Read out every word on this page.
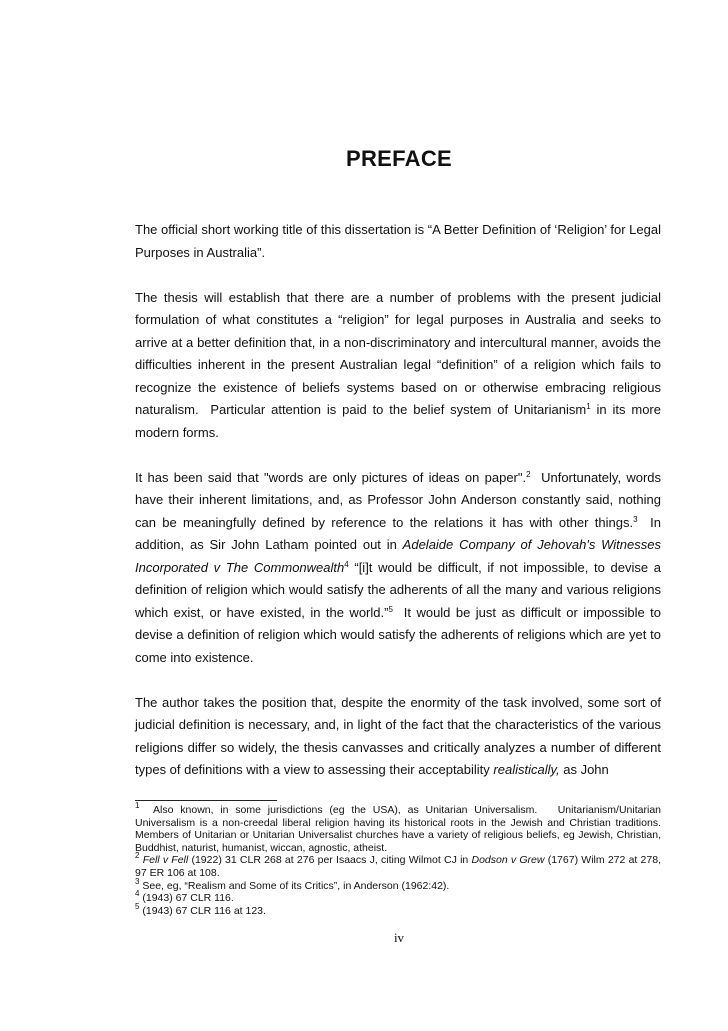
PREFACE

The official short working title of this dissertation is “A Better Definition of ‘Religion’ for Legal Purposes in Australia”.

The thesis will establish that there are a number of problems with the present judicial formulation of what constitutes a “religion” for legal purposes in Australia and seeks to arrive at a better definition that, in a non-discriminatory and intercultural manner, avoids the difficulties inherent in the present Australian legal “definition” of a religion which fails to recognize the existence of beliefs systems based on or otherwise embracing religious naturalism.  Particular attention is paid to the belief system of Unitarianism$^1$ in its more modern forms.

It has been said that "words are only pictures of ideas on paper".$^2$  Unfortunately, words have their inherent limitations, and, as Professor John Anderson constantly said, nothing can be meaningfully defined by reference to the relations it has with other things.$^3$  In addition, as Sir John Latham pointed out in Adelaide Company of Jehovah's Witnesses Incorporated v The Commonwealth$^4$ “[i]t would be difficult, if not impossible, to devise a definition of religion which would satisfy the adherents of all the many and various religions which exist, or have existed, in the world.”$^5$  It would be just as difficult or impossible to devise a definition of religion which would satisfy the adherents of religions which are yet to come into existence.

The author takes the position that, despite the enormity of the task involved, some sort of judicial definition is necessary, and, in light of the fact that the characteristics of the various religions differ so widely, the thesis canvasses and critically analyzes a number of different types of definitions with a view to assessing their acceptability realistically, as John

$^1$  Also known, in some jurisdictions (eg the USA), as Unitarian Universalism.   Unitarianism/Unitarian Universalism is a non-creedal liberal religion having its historical roots in the Jewish and Christian traditions. Members of Unitarian or Unitarian Universalist churches have a variety of religious beliefs, eg Jewish, Christian, Buddhist, naturist, humanist, wiccan, agnostic, atheist.
$^2$ Fell v Fell (1922) 31 CLR 268 at 276 per Isaacs J, citing Wilmot CJ in Dodson v Grew (1767) Wilm 272 at 278, 97 ER 106 at 108.
$^3$ See, eg, “Realism and Some of its Critics”, in Anderson (1962:42).
$^4$ (1943) 67 CLR 116.
$^5$ (1943) 67 CLR 116 at 123.
iv
